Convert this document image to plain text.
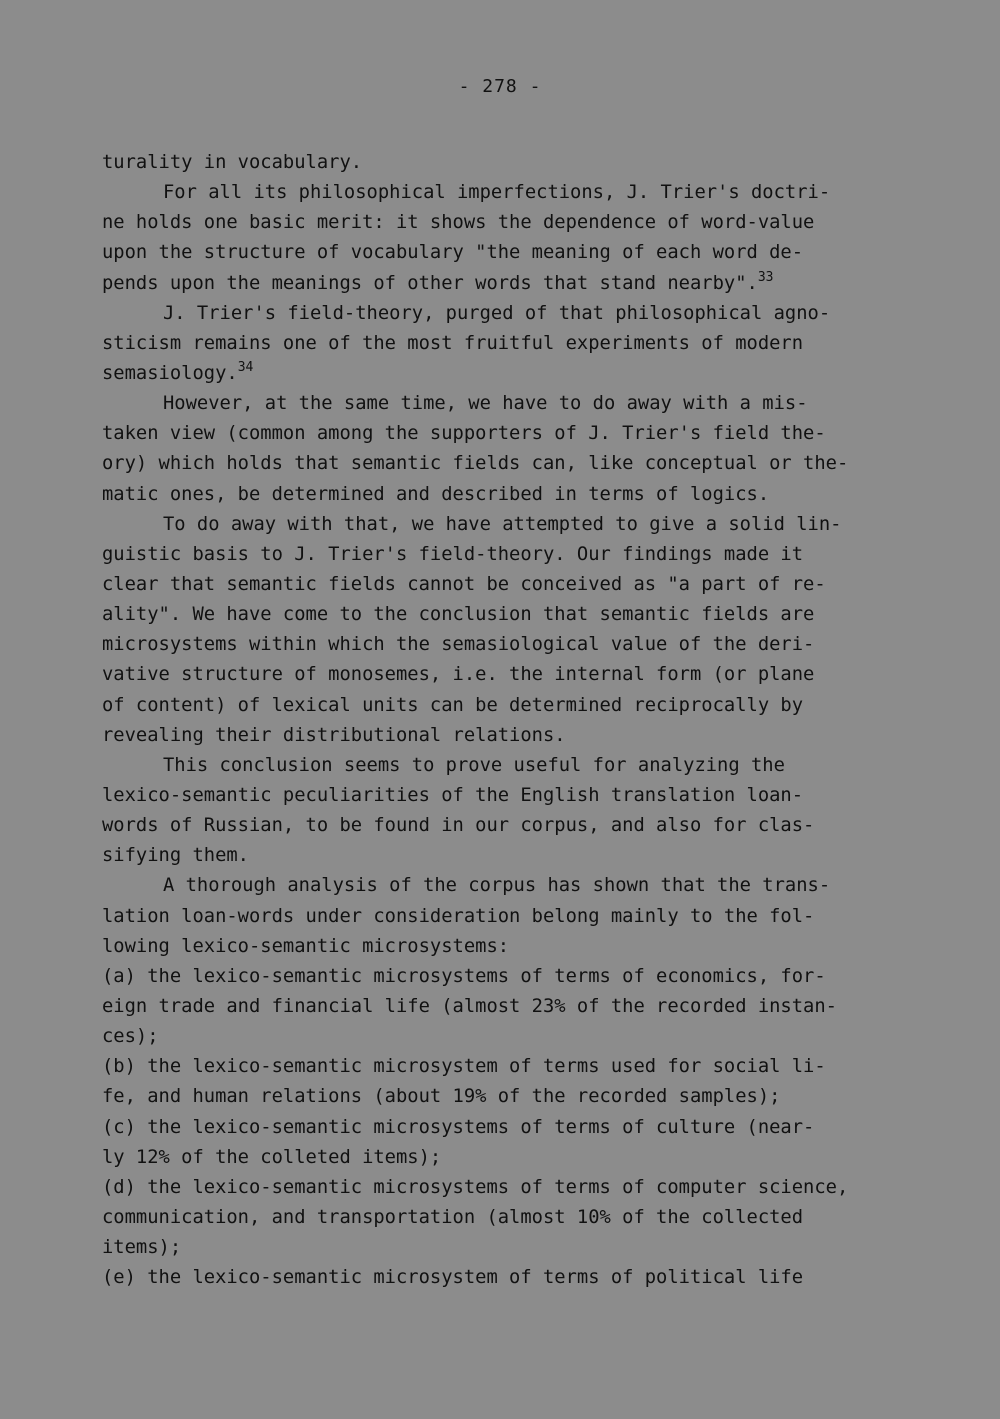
- 278 -
turality in vocabulary.
For all its philosophical imperfections, J. Trier's doctri-
ne holds one basic merit: it shows the dependence of word-value
upon the structure of vocabulary "the meaning of each word de-
pends upon the meanings of other words that stand nearby".$^{33}$
J. Trier's field-theory, purged of that philosophical agno-
sticism remains one of the most fruitful experiments of modern
semasiology.$^{34}$
However, at the same time, we have to do away with a mis-
taken view (common among the supporters of J. Trier's field the-
ory) which holds that semantic fields can, like conceptual or the-
matic ones, be determined and described in terms of logics.
To do away with that, we have attempted to give a solid lin-
guistic basis to J. Trier's field-theory. Our findings made it
clear that semantic fields cannot be conceived as "a part of re-
ality". We have come to the conclusion that semantic fields are
microsystems within which the semasiological value of the deri-
vative structure of monosemes, i.e. the internal form (or plane
of content) of lexical units can be determined reciprocally by
revealing their distributional relations.
This conclusion seems to prove useful for analyzing the
lexico-semantic peculiarities of the English translation loan-
words of Russian, to be found in our corpus, and also for clas-
sifying them.
A thorough analysis of the corpus has shown that the trans-
lation loan-words under consideration belong mainly to the fol-
lowing lexico-semantic microsystems:
(a) the lexico-semantic microsystems of terms of economics, for-
eign trade and financial life (almost 23% of the recorded instan-
ces);
(b) the lexico-semantic microsystem of terms used for social li-
fe, and human relations (about 19% of the recorded samples);
(c) the lexico-semantic microsystems of terms of culture (near-
ly 12% of the colleted items);
(d) the lexico-semantic microsystems of terms of computer science,
communication, and transportation (almost 10% of the collected
items);
(e) the lexico-semantic microsystem of terms of political life
